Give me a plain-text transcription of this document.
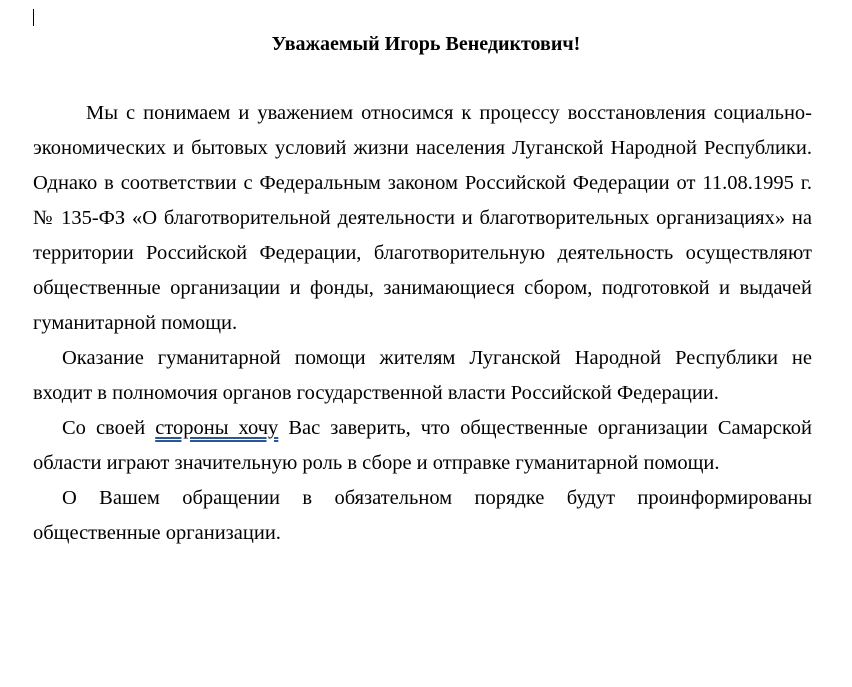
Уважаемый Игорь Венедиктович!

Мы с понимаем и уважением относимся к процессу восстановления социально-экономических и бытовых условий жизни населения Луганской Народной Республики. Однако в соответствии с Федеральным законом Российской Федерации от 11.08.1995 г. № 135-ФЗ «О благотворительной деятельности и благотворительных организациях» на территории Российской Федерации, благотворительную деятельность осуществляют общественные организации и фонды, занимающиеся сбором, подготовкой и выдачей гуманитарной помощи.

Оказание гуманитарной помощи жителям Луганской Народной Республики не входит в полномочия органов государственной власти Российской Федерации.

Со своей стороны хочу Вас заверить, что общественные организации Самарской области играют значительную роль в сборе и отправке гуманитарной помощи.

О Вашем обращении в обязательном порядке будут проинформированы общественные организации.
